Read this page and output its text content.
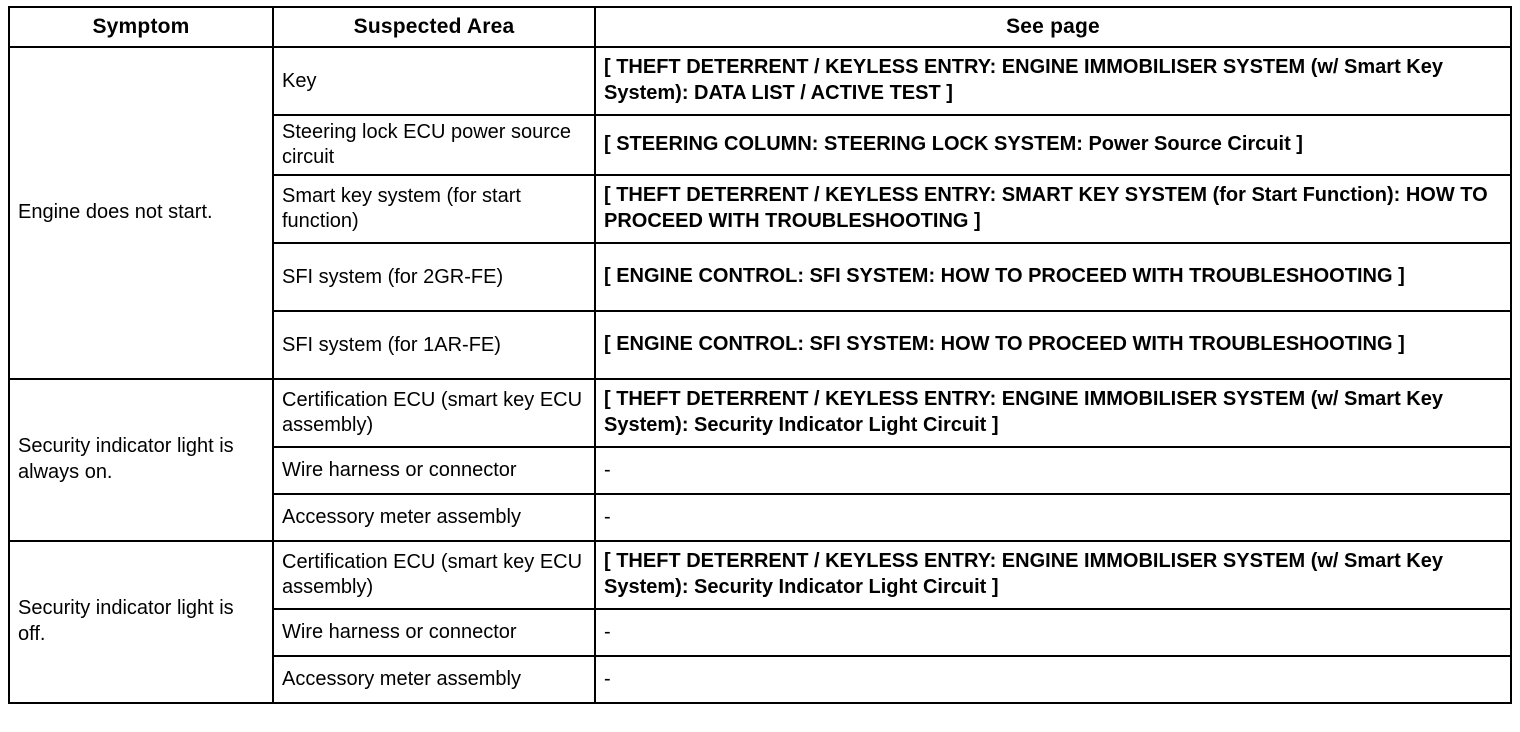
Symptom	Suspected Area	See page
Engine does not start.	Key	[ THEFT DETERRENT / KEYLESS ENTRY: ENGINE IMMOBILISER SYSTEM (w/ Smart Key System): DATA LIST / ACTIVE TEST ]
	Steering lock ECU power source circuit	[ STEERING COLUMN: STEERING LOCK SYSTEM: Power Source Circuit ]
	Smart key system (for start function)	[ THEFT DETERRENT / KEYLESS ENTRY: SMART KEY SYSTEM (for Start Function): HOW TO PROCEED WITH TROUBLESHOOTING ]
	SFI system (for 2GR-FE)	[ ENGINE CONTROL: SFI SYSTEM: HOW TO PROCEED WITH TROUBLESHOOTING ]
	SFI system (for 1AR-FE)	[ ENGINE CONTROL: SFI SYSTEM: HOW TO PROCEED WITH TROUBLESHOOTING ]
Security indicator light is always on.	Certification ECU (smart key ECU assembly)	[ THEFT DETERRENT / KEYLESS ENTRY: ENGINE IMMOBILISER SYSTEM (w/ Smart Key System): Security Indicator Light Circuit ]
	Wire harness or connector	-
	Accessory meter assembly	-
Security indicator light is off.	Certification ECU (smart key ECU assembly)	[ THEFT DETERRENT / KEYLESS ENTRY: ENGINE IMMOBILISER SYSTEM (w/ Smart Key System): Security Indicator Light Circuit ]
	Wire harness or connector	-
	Accessory meter assembly	-
